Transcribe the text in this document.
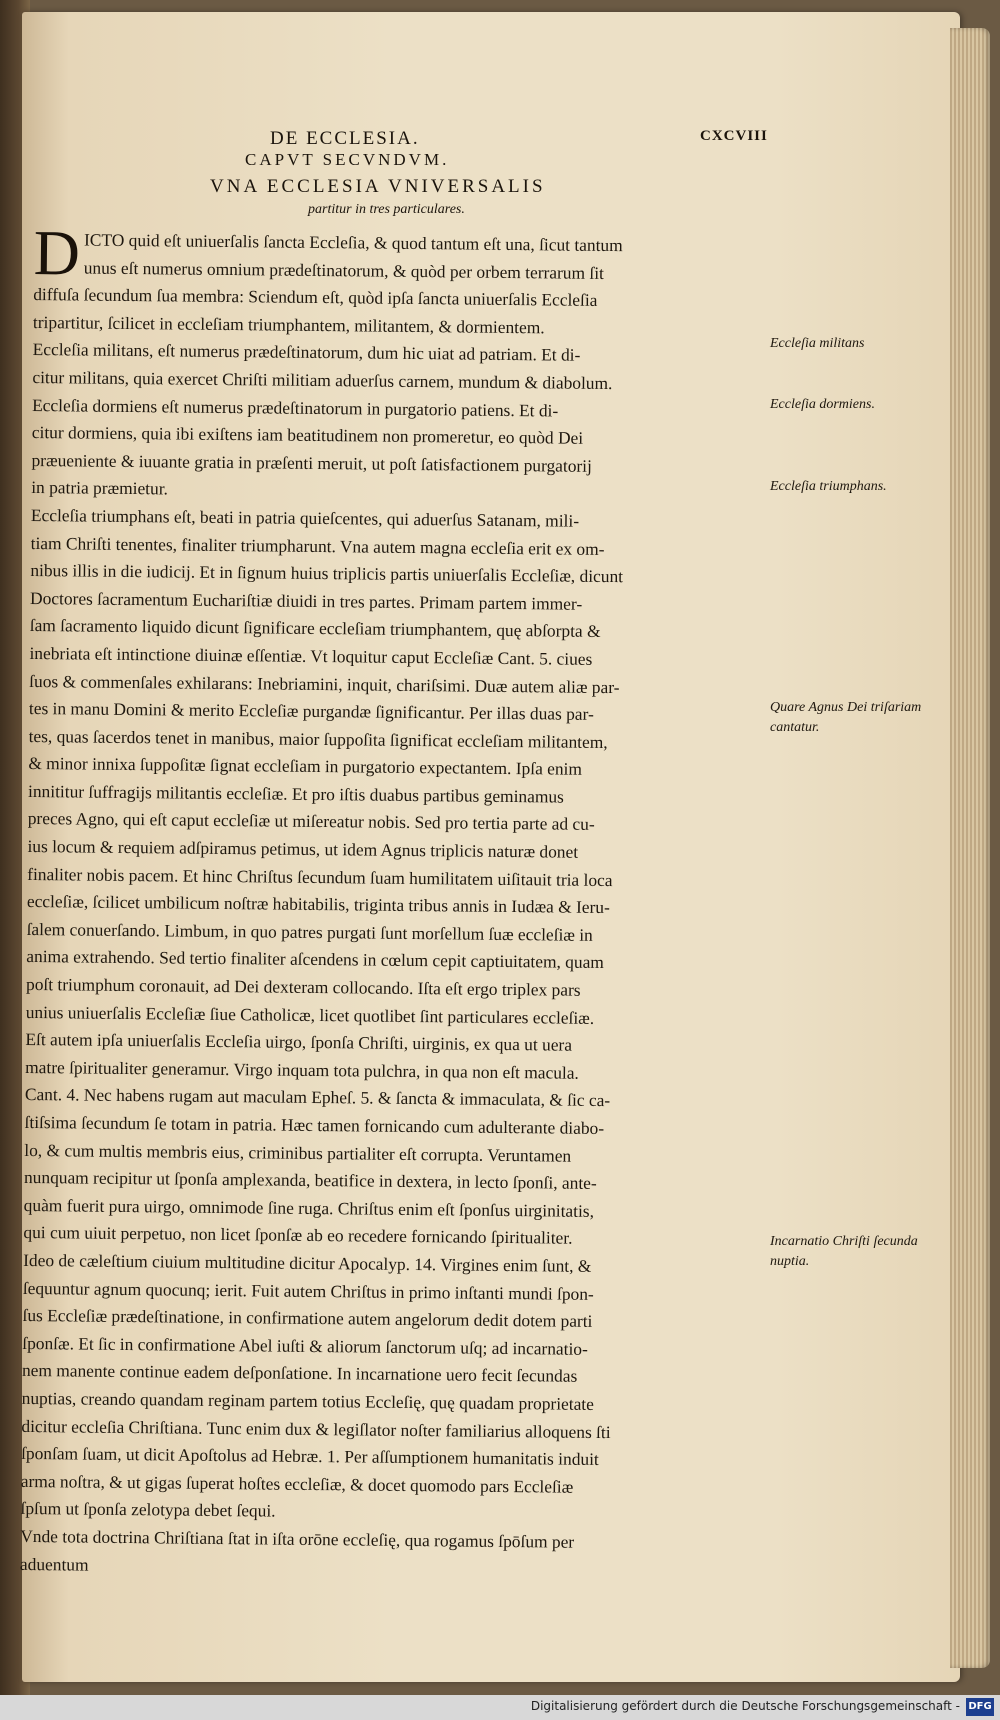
DE ECCLESIA.	CXCVIII
CAPVT SECVNDVM.
VNA ECCLESIA VNIVERSALIS
partitur in tres particulares.
D ICTO quid eſt uniuerſalis ſancta Eccleſia, & quod tantum eſt una, ſicut tantum
unus eſt numerus omnium prædeſtinatorum, & quòd per orbem terrarum ſit
diffuſa ſecundum ſua membra: Sciendum eſt, quòd ipſa ſancta uniuerſalis Eccleſia
tripartitur, ſcilicet in eccleſiam triumphantem, militantem, & dormientem.
Eccleſia militans, eſt numerus prædeſtinatorum, dum hic uiat ad patriam. Et di-
citur militans, quia exercet Chriſti militiam aduerſus carnem, mundum & diabolum.
Eccleſia dormiens eſt numerus prædeſtinatorum in purgatorio patiens. Et di-
citur dormiens, quia ibi exiſtens iam beatitudinem non promeretur, eo quòd Dei
præueniente & iuuante gratia in præſenti meruit, ut poſt ſatisfactionem purgatorij
in patria præmietur.
Eccleſia triumphans eſt, beati in patria quieſcentes, qui aduerſus Satanam, mili-
tiam Chriſti tenentes, finaliter triumpharunt. Vna autem magna eccleſia erit ex om-
nibus illis in die iudicij. Et in ſignum huius triplicis partis uniuerſalis Eccleſiæ, dicunt
Doctores ſacramentum Euchariſtiæ diuidi in tres partes. Primam partem immer-
ſam ſacramento liquido dicunt ſignificare eccleſiam triumphantem, quę abſorpta &
inebriata eſt intinctione diuinæ eſſentiæ. Vt loquitur caput Eccleſiæ Cant. 5. ciues
ſuos & commenſales exhilarans: Inebriamini, inquit, chariſsimi. Duæ autem aliæ par-
tes in manu Domini & merito Eccleſiæ purgandæ ſignificantur. Per illas duas par-
tes, quas ſacerdos tenet in manibus, maior ſuppoſita ſignificat eccleſiam militantem,
& minor innixa ſuppoſitæ ſignat eccleſiam in purgatorio expectantem. Ipſa enim
innititur ſuffragijs militantis eccleſiæ. Et pro iſtis duabus partibus geminamus
preces Agno, qui eſt caput eccleſiæ ut miſereatur nobis. Sed pro tertia parte ad cu-
ius locum & requiem adſpiramus petimus, ut idem Agnus triplicis naturæ donet
finaliter nobis pacem. Et hinc Chriſtus ſecundum ſuam humilitatem uiſitauit tria loca
eccleſiæ, ſcilicet umbilicum noſtræ habitabilis, triginta tribus annis in Iudæa & Ieru-
ſalem conuerſando. Limbum, in quo patres purgati ſunt morſellum ſuæ eccleſiæ in
anima extrahendo. Sed tertio finaliter aſcendens in cœlum cepit captiuitatem, quam
poſt triumphum coronauit, ad Dei dexteram collocando. Iſta eſt ergo triplex pars
unius uniuerſalis Eccleſiæ ſiue Catholicæ, licet quotlibet ſint particulares eccleſiæ.
Eſt autem ipſa uniuerſalis Eccleſia uirgo, ſponſa Chriſti, uirginis, ex qua ut uera
matre ſpiritualiter generamur. Virgo inquam tota pulchra, in qua non eſt macula.
Cant. 4. Nec habens rugam aut maculam Epheſ. 5. & ſancta & immaculata, & ſic ca-
ſtiſsima ſecundum ſe totam in patria. Hæc tamen fornicando cum adulterante diabo-
lo, & cum multis membris eius, criminibus partialiter eſt corrupta. Veruntamen
nunquam recipitur ut ſponſa amplexanda, beatifice in dextera, in lecto ſponſi, ante-
quàm fuerit pura uirgo, omnimode ſine ruga. Chriſtus enim eſt ſponſus uirginitatis,
qui cum uiuit perpetuo, non licet ſponſæ ab eo recedere fornicando ſpiritualiter.
Ideo de cæleſtium ciuium multitudine dicitur Apocalyp. 14. Virgines enim ſunt, &
ſequuntur agnum quocunq; ierit. Fuit autem Chriſtus in primo inſtanti mundi ſpon-
ſus Eccleſiæ prædeſtinatione, in confirmatione autem angelorum dedit dotem parti
ſponſæ. Et ſic in confirmatione Abel iuſti & aliorum ſanctorum uſq; ad incarnatio-
nem manente continue eadem deſponſatione. In incarnatione uero fecit ſecundas
nuptias, creando quandam reginam partem totius Eccleſię, quę quadam proprietate
dicitur eccleſia Chriſtiana. Tunc enim dux & legiſlator noſter familiarius alloquens ſti
ſponſam ſuam, ut dicit Apoſtolus ad Hebræ. 1. Per aſſumptionem humanitatis induit
arma noſtra, & ut gigas ſuperat hoſtes eccleſiæ, & docet quomodo pars Eccleſiæ
ſpſum ut ſponſa zelotypa debet ſequi.
Vnde tota doctrina Chriſtiana ſtat in iſta orōne eccleſię, qua rogamus ſpōſum per
aduentum
Eccleſia militans
Eccleſia dormiens.
Eccleſia triumphans.
Quare Agnus Dei triſariam cantatur.
Incarnatio Chriſti ſecunda nuptia.
Digitalisierung gefördert durch die Deutsche Forschungsgemeinschaft - DFG
